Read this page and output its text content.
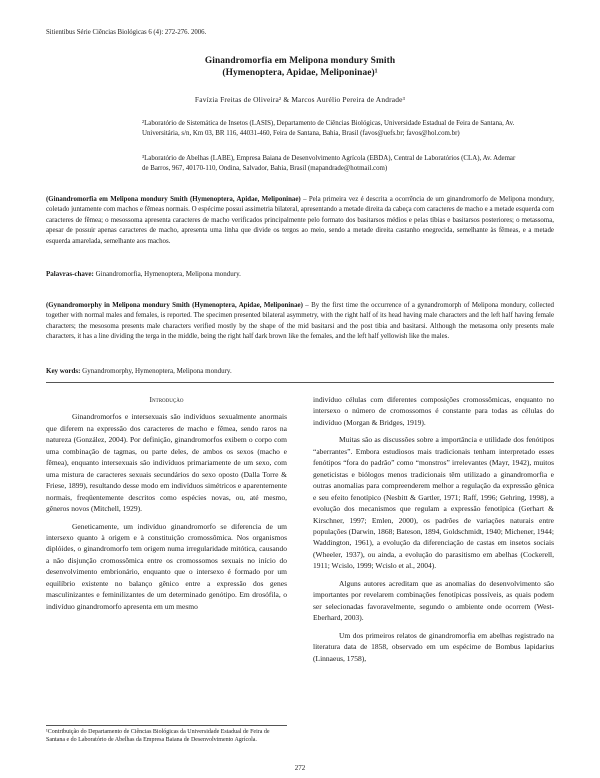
Sitientibus Série Ciências Biológicas 6 (4): 272-276. 2006.
Ginandromorfia em Melipona mondury Smith
(Hymenoptera, Apidae, Meliponinae)¹
Favízia Freitas de Oliveira² & Marcos Aurélio Pereira de Andrade³
²Laboratório de Sistemática de Insetos (LASIS), Departamento de Ciências Biológicas, Universidade Estadual de Feira de Santana, Av. Universitária, s/n, Km 03, BR 116, 44031-460, Feira de Santana, Bahia, Brasil (favos@uefs.br; favos@hol.com.br)
³Laboratório de Abelhas (LABE), Empresa Baiana de Desenvolvimento Agrícola (EBDA), Central de Laboratórios (CLA), Av. Ademar de Barros, 967, 40170-110, Ondina, Salvador, Bahia, Brasil (mapandrade@hotmail.com)
(Ginandromorfia em Melipona mondury Smith (Hymenoptera, Apidae, Meliponinae) – Pela primeira vez é descrita a ocorrência de um ginandromorfo de Melipona mondury, coletado juntamente com machos e fêmeas normais. O espécime possui assimetria bilateral, apresentando a metade direita da cabeça com caracteres de macho e a metade esquerda com caracteres de fêmea; o mesossoma apresenta caracteres de macho verificados principalmente pelo formato dos basitarsos médios e pelas tíbias e basitarsos posteriores; o metassoma, apesar de possuir apenas caracteres de macho, apresenta uma linha que divide os tergos ao meio, sendo a metade direita castanho enegrecida, semelhante às fêmeas, e a metade esquerda amarelada, semelhante aos machos.
Palavras-chave: Ginandromorfia, Hymenoptera, Melipona mondury.
(Gynandromorphy in Melipona mondury Smith (Hymenoptera, Apidae, Meliponinae) – By the first time the occurrence of a gynandromorph of Melipona mondury, collected together with normal males and females, is reported. The specimen presented bilateral asymmetry, with the right half of its head having male characters and the left half having female characters; the mesosoma presents male characters verified mostly by the shape of the mid basitarsi and the post tibia and basitarsi. Although the metasoma only presents male characters, it has a line dividing the terga in the middle, being the right half dark brown like the females, and the left half yellowish like the males.
Key words: Gynandromorphy, Hymenoptera, Melipona mondury.

Introdução

Ginandromorfos e intersexuais são indivíduos sexualmente anormais que diferem na expressão dos caracteres de macho e fêmea, sendo raros na natureza (González, 2004). Por definição, ginandromorfos exibem o corpo com uma combinação de tagmas, ou parte deles, de ambos os sexos (macho e fêmea), enquanto intersexuais são indivíduos primariamente de um sexo, com uma mistura de caracteres sexuais secundários do sexo oposto (Dalla Torre & Friese, 1899), resultando desse modo em indivíduos simétricos e aparentemente normais, freqüentemente descritos como espécies novas, ou, até mesmo, gêneros novos (Mitchell, 1929).

Geneticamente, um indivíduo ginandromorfo se diferencia de um intersexo quanto à origem e à constituição cromossômica. Nos organismos diplóides, o ginandromorfo tem origem numa irregularidade mitótica, causando a não disjunção cromossômica entre os cromossomos sexuais no início do desenvolvimento embrionário, enquanto que o intersexo é formado por um equilíbrio existente no balanço gênico entre a expressão dos genes masculinizantes e feminilizantes de um determinado genótipo. Em drosófila, o indivíduo ginandromorfo apresenta em um mesmo

indivíduo células com diferentes composições cromossômicas, enquanto no intersexo o número de cromossomos é constante para todas as células do indivíduo (Morgan & Bridges, 1919).

Muitas são as discussões sobre a importância e utilidade dos fenótipos “aberrantes”. Embora estudiosos mais tradicionais tenham interpretado esses fenótipos “fora do padrão” como “monstros” irrelevantes (Mayr, 1942), muitos geneticistas e biólogos menos tradicionais têm utilizado a ginandromorfia e outras anomalias para compreenderem melhor a regulação da expressão gênica e seu efeito fenotípico (Nesbitt & Gartler, 1971; Raff, 1996; Gehring, 1998), a evolução dos mecanismos que regulam a expressão fenotípica (Gerhart & Kirschner, 1997; Emlen, 2000), os padrões de variações naturais entre populações (Darwin, 1868; Bateson, 1894, Goldschmidt, 1940; Michener, 1944; Waddington, 1961), a evolução da diferenciação de castas em insetos sociais (Wheeler, 1937), ou ainda, a evolução do parasitismo em abelhas (Cockerell, 1911; Wcislo, 1999; Wcislo et al., 2004).

Alguns autores acreditam que as anomalias do desenvolvimento são importantes por revelarem combinações fenotípicas possíveis, as quais podem ser selecionadas favoravelmente, segundo o ambiente onde ocorrem (West-Eberhard, 2003).

Um dos primeiros relatos de ginandromorfia em abelhas registrado na literatura data de 1858, observado em um espécime de Bombus lapidarius (Linnaeus, 1758),

¹Contribuição do Departamento de Ciências Biológicas da Universidade Estadual de Feira de Santana e do Laboratório de Abelhas da Empresa Baiana de Desenvolvimento Agrícola.
272
